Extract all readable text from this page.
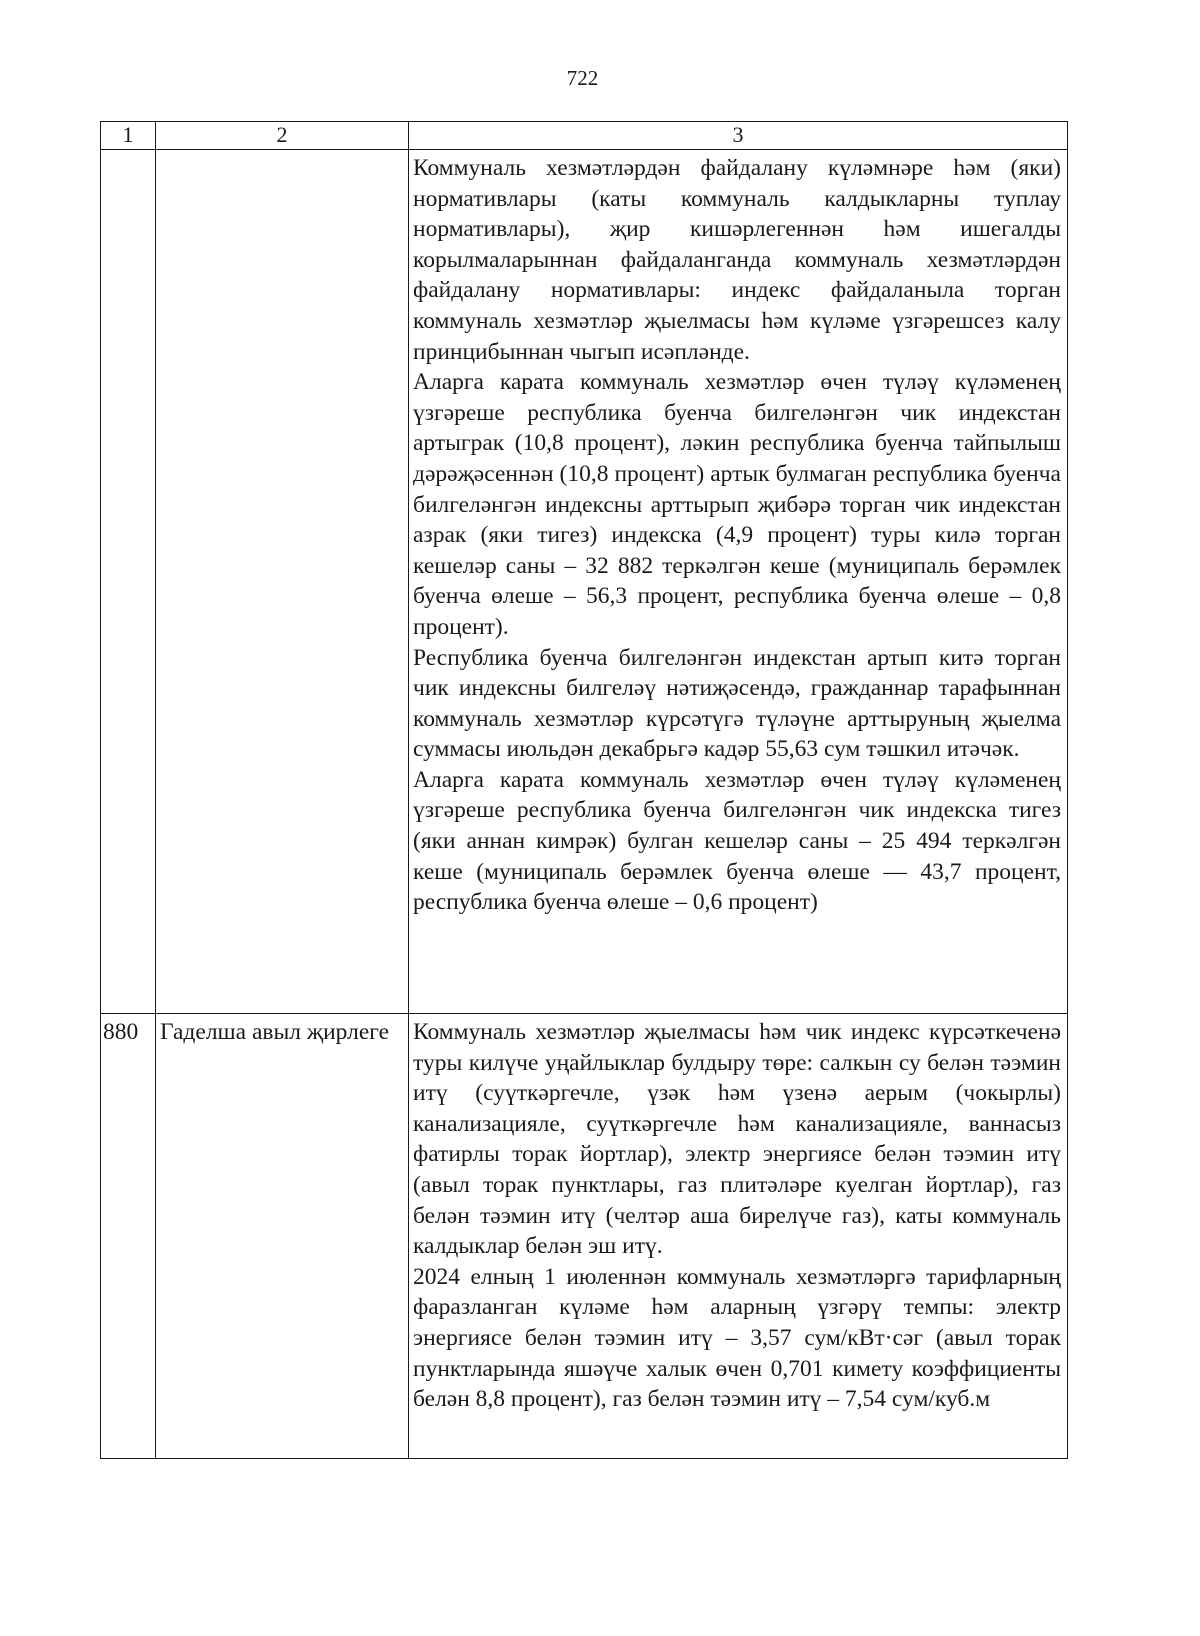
722
1	2	3

		Коммуналь хезмәтләрдән файдалану күләмнәре һәм (яки) нормативлары (каты коммуналь калдыкларны туплау нормативлары), җир кишәрлегеннән һәм ишегалды корылмаларыннан файдаланганда коммуналь хезмәтләрдән файдалану нормативлары: индекс файдаланыла торган коммуналь хезмәтләр җыелмасы һәм күләме үзгәрешсез калу принцибыннан чыгып исәпләнде.

Аларга карата коммуналь хезмәтләр өчен түләү күләменең үзгәреше республика буенча билгеләнгән чик индекстан артыграк (10,8 процент), ләкин республика буенча тайпылыш дәрәҗәсеннән (10,8 процент) артык булмаган республика буенча билгеләнгән индексны арттырып җибәрә торган чик индекстан азрак (яки тигез) индекска (4,9 процент) туры килә торган кешеләр саны – 32 882 теркәлгән кеше (муниципаль берәмлек буенча өлеше – 56,3 процент, республика буенча өлеше – 0,8 процент).

Республика буенча билгеләнгән индекстан артып китә торган чик индексны билгеләү нәтиҗәсендә, гражданнар тарафыннан коммуналь хезмәтләр күрсәтүгә түләүне арттыруның җыелма суммасы июльдән декабрьгә кадәр 55,63 сум тәшкил итәчәк.

Аларга карата коммуналь хезмәтләр өчен түләү күләменең үзгәреше республика буенча билгеләнгән чик индекска тигез (яки аннан кимрәк) булган кешеләр саны – 25 494 теркәлгән кеше (муниципаль берәмлек буенча өлеше — 43,7 процент, республика буенча өлеше – 0,6 процент)

880	Гаделша авыл җирлеге	Коммуналь хезмәтләр җыелмасы һәм чик индекс күрсәткеченә туры килүче уңайлыклар булдыру төре: салкын су белән тәэмин итү (суүткәргечле, үзәк һәм үзенә аерым (чокырлы) канализацияле, суүткәргечле һәм канализацияле, ваннасыз фатирлы торак йортлар), электр энергиясе белән тәэмин итү (авыл торак пунктлары, газ плитәләре куелган йортлар), газ белән тәэмин итү (челтәр аша бирелүче газ), каты коммуналь калдыклар белән эш итү.

2024 елның 1 июленнән коммуналь хезмәтләргә тарифларның фаразланган күләме һәм аларның үзгәрү темпы: электр энергиясе белән тәэмин итү – 3,57 сум/кВт·сәг (авыл торак пунктларында яшәүче халык өчен 0,701 кимету коэффициенты белән 8,8 процент), газ белән тәэмин итү – 7,54 сум/куб.м
